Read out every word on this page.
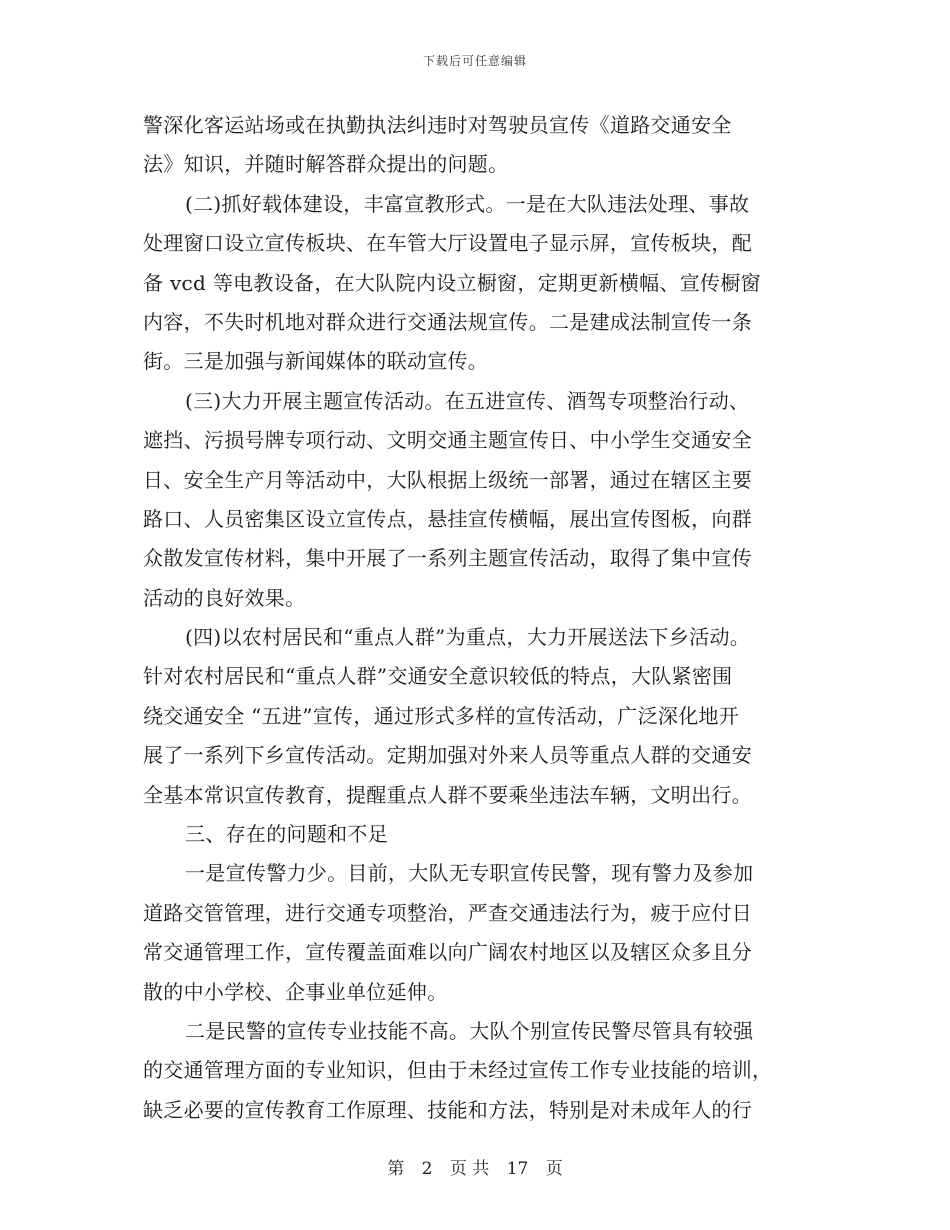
下载后可任意编辑
警深化客运站场或在执勤执法纠违时对驾驶员宣传《道路交通安全
法》知识，并随时解答群众提出的问题。
(二)抓好载体建设，丰富宣教形式。一是在大队违法处理、事故
处理窗口设立宣传板块、在车管大厅设置电子显示屏，宣传板块，配
备 vcd 等电教设备，在大队院内设立橱窗，定期更新横幅、宣传橱窗
内容，不失时机地对群众进行交通法规宣传。二是建成法制宣传一条
街。三是加强与新闻媒体的联动宣传。
(三)大力开展主题宣传活动。在五进宣传、酒驾专项整治行动、
遮挡、污损号牌专项行动、文明交通主题宣传日、中小学生交通安全
日、安全生产月等活动中，大队根据上级统一部署，通过在辖区主要
路口、人员密集区设立宣传点，悬挂宣传横幅，展出宣传图板，向群
众散发宣传材料，集中开展了一系列主题宣传活动，取得了集中宣传
活动的良好效果。
(四)以农村居民和“重点人群”为重点，大力开展送法下乡活动。
针对农村居民和“重点人群”交通安全意识较低的特点，大队紧密围
绕交通安全 “五进”宣传，通过形式多样的宣传活动，广泛深化地开
展了一系列下乡宣传活动。定期加强对外来人员等重点人群的交通安
全基本常识宣传教育，提醒重点人群不要乘坐违法车辆，文明出行。
三、存在的问题和不足
一是宣传警力少。目前，大队无专职宣传民警，现有警力及参加
道路交管管理，进行交通专项整治，严查交通违法行为，疲于应付日
常交通管理工作，宣传覆盖面难以向广阔农村地区以及辖区众多且分
散的中小学校、企事业单位延伸。
二是民警的宣传专业技能不高。大队个别宣传民警尽管具有较强
的交通管理方面的专业知识，但由于未经过宣传工作专业技能的培训，
缺乏必要的宣传教育工作原理、技能和方法，特别是对未成年人的行
第 2 页 共 17 页
